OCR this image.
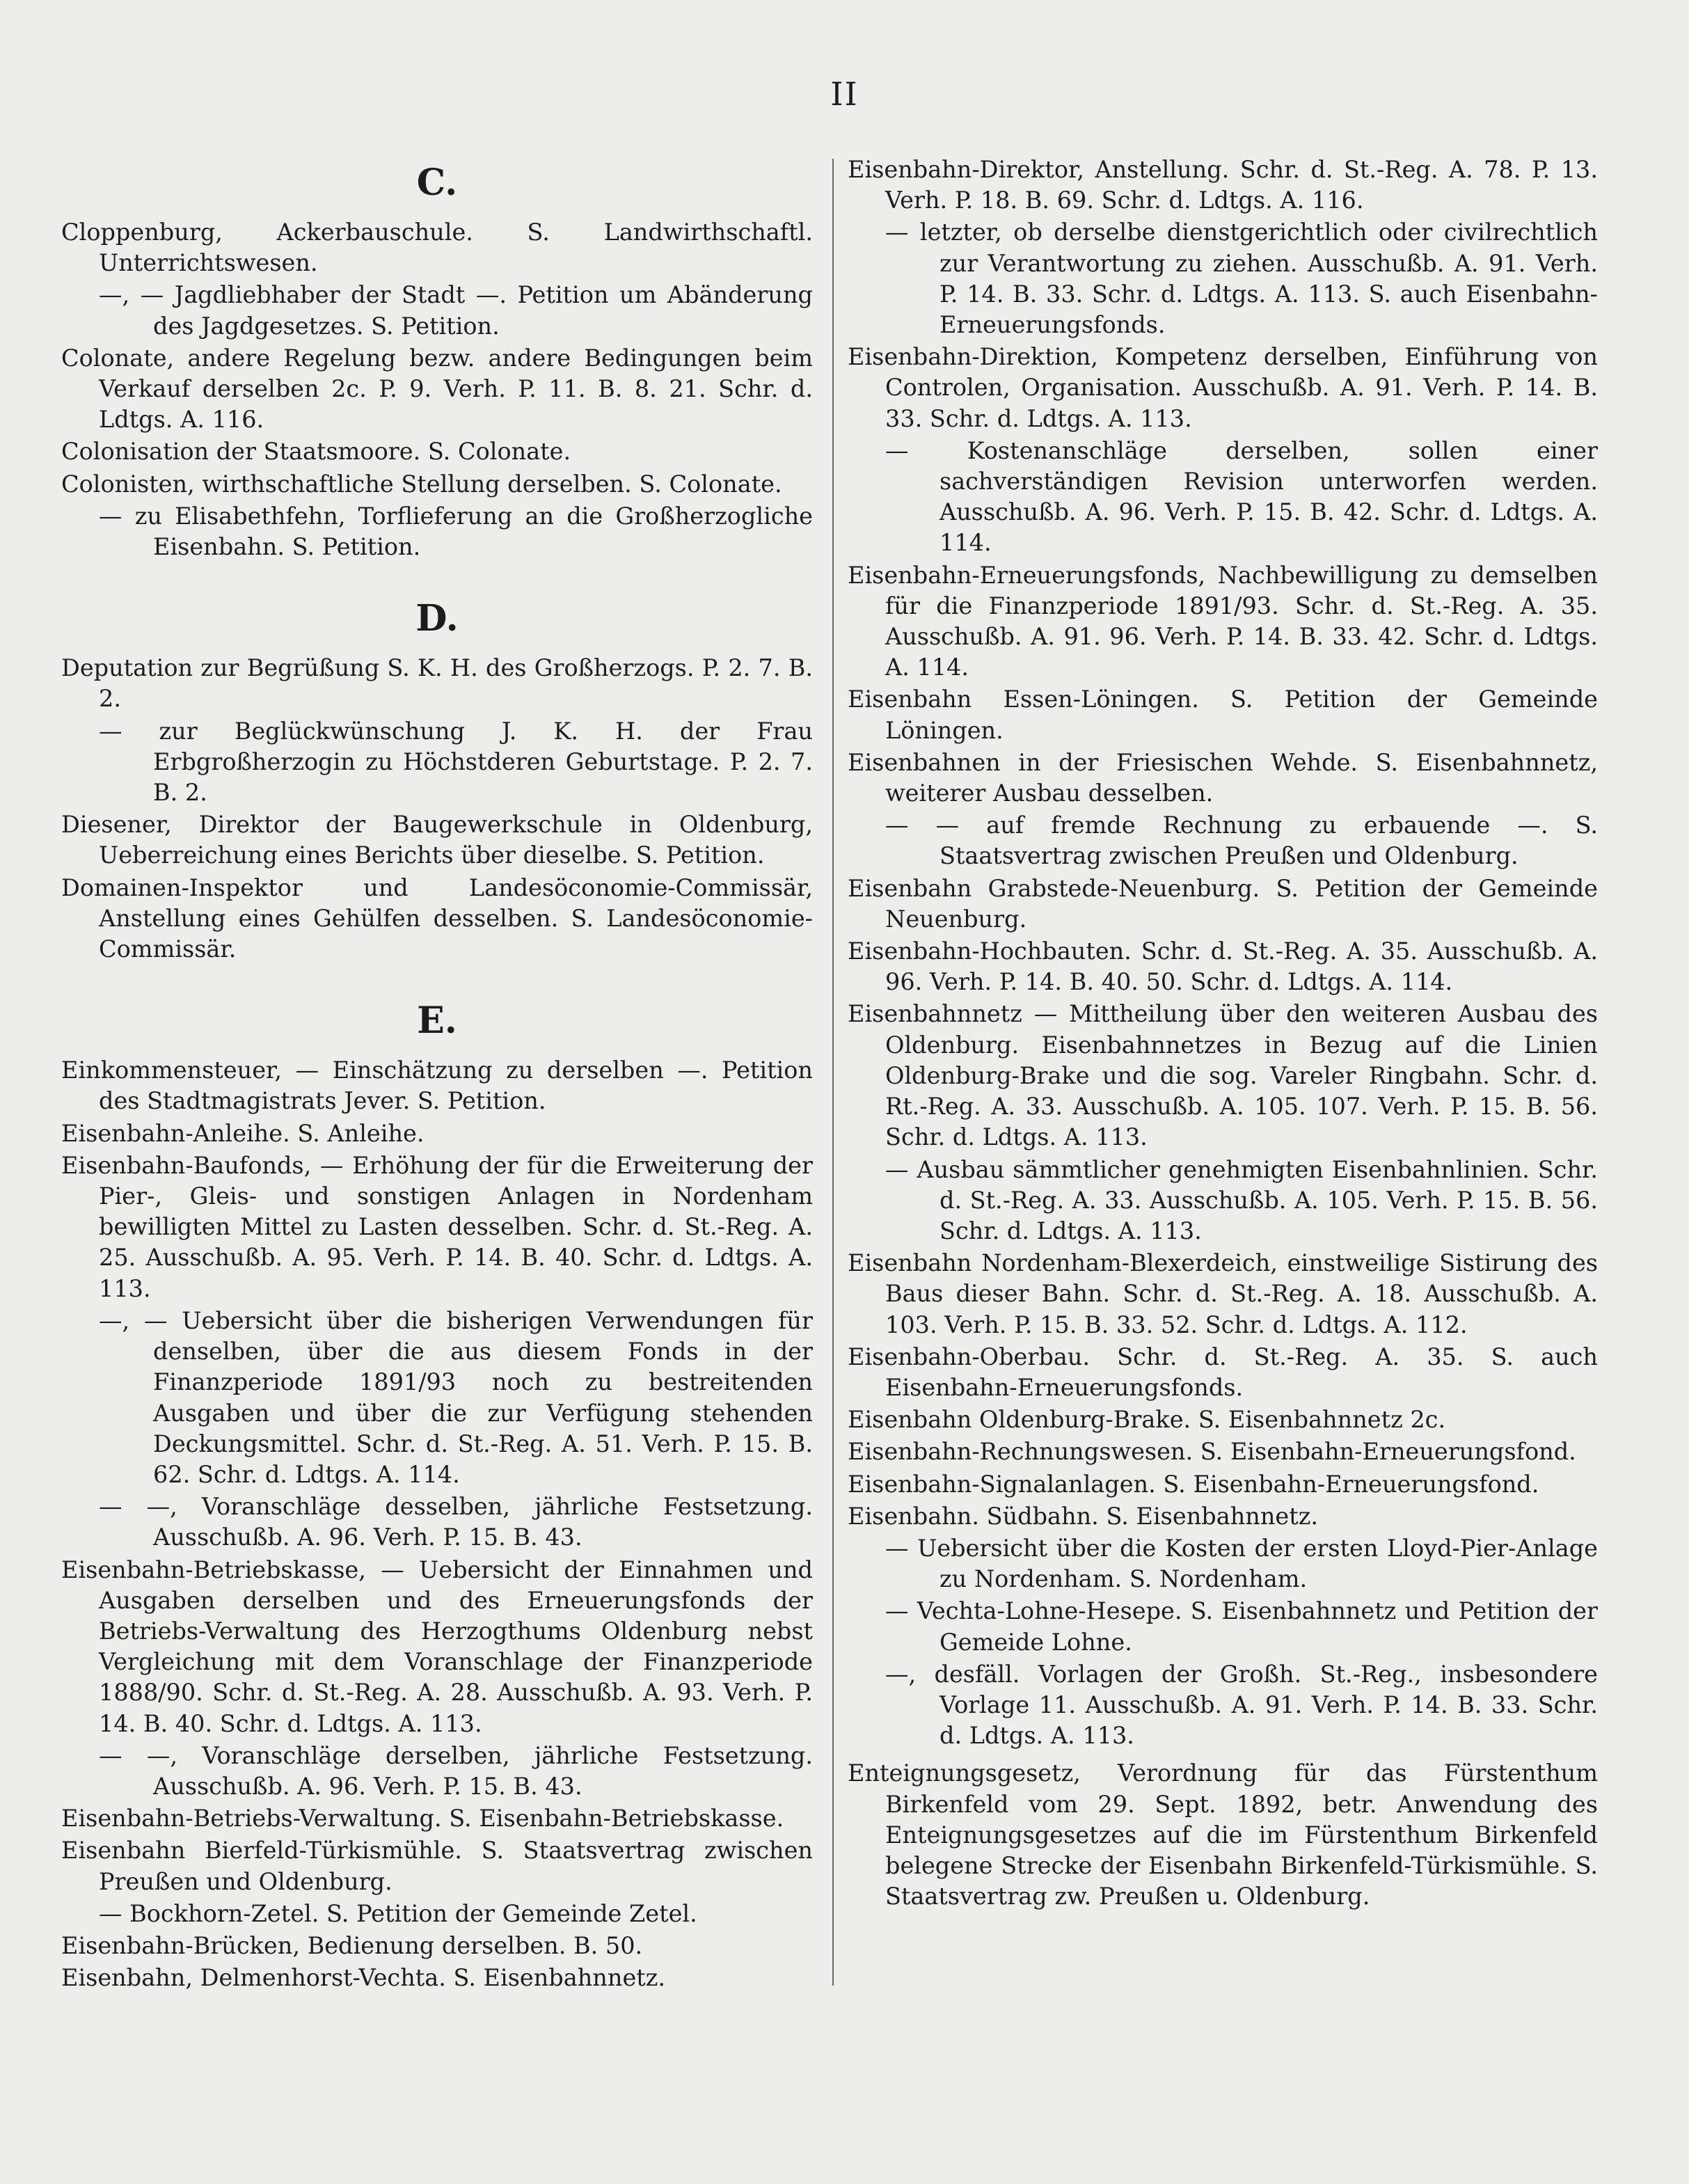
II
C.
Cloppenburg, Ackerbauschule. S. Landwirthschaftl. Unterrichtswesen.
—, — Jagdliebhaber der Stadt —. Petition um Abänderung des Jagdgesetzes. S. Petition.
Colonate, andere Regelung bezw. andere Bedingungen beim Verkauf derselben 2c. P. 9. Verh. P. 11. B. 8. 21. Schr. d. Ldtgs. A. 116.
Colonisation der Staatsmoore. S. Colonate.
Colonisten, wirthschaftliche Stellung derselben. S. Colonate.
— zu Elisabethfehn, Torflieferung an die Großherzogliche Eisenbahn. S. Petition.
D.
Deputation zur Begrüßung S. K. H. des Großherzogs. P. 2. 7. B. 2.
— zur Beglückwünschung J. K. H. der Frau Erbgroßherzogin zu Höchstderen Geburtstage. P. 2. 7. B. 2.
Diesener, Direktor der Baugewerkschule in Oldenburg, Ueberreichung eines Berichts über dieselbe. S. Petition.
Domainen-Inspektor und Landesöconomie-Commissär, Anstellung eines Gehülfen desselben. S. Landesöconomie-Commissär.
E.
Einkommensteuer, — Einschätzung zu derselben —. Petition des Stadtmagistrats Jever. S. Petition.
Eisenbahn-Anleihe. S. Anleihe.
Eisenbahn-Baufonds, — Erhöhung der für die Erweiterung der Pier-, Gleis- und sonstigen Anlagen in Nordenham bewilligten Mittel zu Lasten desselben. Schr. d. St.-Reg. A. 25. Ausschußb. A. 95. Verh. P. 14. B. 40. Schr. d. Ldtgs. A. 113.
—, — Uebersicht über die bisherigen Verwendungen für denselben, über die aus diesem Fonds in der Finanzperiode 1891/93 noch zu bestreitenden Ausgaben und über die zur Verfügung stehenden Deckungsmittel. Schr. d. St.-Reg. A. 51. Verh. P. 15. B. 62. Schr. d. Ldtgs. A. 114.
— —, Voranschläge desselben, jährliche Festsetzung. Ausschußb. A. 96. Verh. P. 15. B. 43.
Eisenbahn-Betriebskasse, — Uebersicht der Einnahmen und Ausgaben derselben und des Erneuerungsfonds der Betriebs-Verwaltung des Herzogthums Oldenburg nebst Vergleichung mit dem Voranschlage der Finanzperiode 1888/90. Schr. d. St.-Reg. A. 28. Ausschußb. A. 93. Verh. P. 14. B. 40. Schr. d. Ldtgs. A. 113.
— —, Voranschläge derselben, jährliche Festsetzung. Ausschußb. A. 96. Verh. P. 15. B. 43.
Eisenbahn-Betriebs-Verwaltung. S. Eisenbahn-Betriebskasse.
Eisenbahn Bierfeld-Türkismühle. S. Staatsvertrag zwischen Preußen und Oldenburg.
— Bockhorn-Zetel. S. Petition der Gemeinde Zetel.
Eisenbahn-Brücken, Bedienung derselben. B. 50.
Eisenbahn, Delmenhorst-Vechta. S. Eisenbahnnetz.
Eisenbahn-Direktor, Anstellung. Schr. d. St.-Reg. A. 78. P. 13. Verh. P. 18. B. 69. Schr. d. Ldtgs. A. 116.
— letzter, ob derselbe dienstgerichtlich oder civilrechtlich zur Verantwortung zu ziehen. Ausschußb. A. 91. Verh. P. 14. B. 33. Schr. d. Ldtgs. A. 113. S. auch Eisenbahn-Erneuerungsfonds.
Eisenbahn-Direktion, Kompetenz derselben, Einführung von Controlen, Organisation. Ausschußb. A. 91. Verh. P. 14. B. 33. Schr. d. Ldtgs. A. 113.
— Kostenanschläge derselben, sollen einer sachverständigen Revision unterworfen werden. Ausschußb. A. 96. Verh. P. 15. B. 42. Schr. d. Ldtgs. A. 114.
Eisenbahn-Erneuerungsfonds, Nachbewilligung zu demselben für die Finanzperiode 1891/93. Schr. d. St.-Reg. A. 35. Ausschußb. A. 91. 96. Verh. P. 14. B. 33. 42. Schr. d. Ldtgs. A. 114.
Eisenbahn Essen-Löningen. S. Petition der Gemeinde Löningen.
Eisenbahnen in der Friesischen Wehde. S. Eisenbahnnetz, weiterer Ausbau desselben.
— — auf fremde Rechnung zu erbauende —. S. Staatsvertrag zwischen Preußen und Oldenburg.
Eisenbahn Grabstede-Neuenburg. S. Petition der Gemeinde Neuenburg.
Eisenbahn-Hochbauten. Schr. d. St.-Reg. A. 35. Ausschußb. A. 96. Verh. P. 14. B. 40. 50. Schr. d. Ldtgs. A. 114.
Eisenbahnnetz — Mittheilung über den weiteren Ausbau des Oldenburg. Eisenbahnnetzes in Bezug auf die Linien Oldenburg-Brake und die sog. Vareler Ringbahn. Schr. d. Rt.-Reg. A. 33. Ausschußb. A. 105. 107. Verh. P. 15. B. 56. Schr. d. Ldtgs. A. 113.
— Ausbau sämmtlicher genehmigten Eisenbahnlinien. Schr. d. St.-Reg. A. 33. Ausschußb. A. 105. Verh. P. 15. B. 56. Schr. d. Ldtgs. A. 113.
Eisenbahn Nordenham-Blexerdeich, einstweilige Sistirung des Baus dieser Bahn. Schr. d. St.-Reg. A. 18. Ausschußb. A. 103. Verh. P. 15. B. 33. 52. Schr. d. Ldtgs. A. 112.
Eisenbahn-Oberbau. Schr. d. St.-Reg. A. 35. S. auch Eisenbahn-Erneuerungsfonds.
Eisenbahn Oldenburg-Brake. S. Eisenbahnnetz 2c.
Eisenbahn-Rechnungswesen. S. Eisenbahn-Erneuerungsfond.
Eisenbahn-Signalanlagen. S. Eisenbahn-Erneuerungsfond.
Eisenbahn. Südbahn. S. Eisenbahnnetz.
— Uebersicht über die Kosten der ersten Lloyd-Pier-Anlage zu Nordenham. S. Nordenham.
— Vechta-Lohne-Hesepe. S. Eisenbahnnetz und Petition der Gemeide Lohne.
—, desfäll. Vorlagen der Großh. St.-Reg., insbesondere Vorlage 11. Ausschußb. A. 91. Verh. P. 14. B. 33. Schr. d. Ldtgs. A. 113.
Enteignungsgesetz, Verordnung für das Fürstenthum Birkenfeld vom 29. Sept. 1892, betr. Anwendung des Enteignungsgesetzes auf die im Fürstenthum Birkenfeld belegene Strecke der Eisenbahn Birkenfeld-Türkismühle. S. Staatsvertrag zw. Preußen u. Oldenburg.
